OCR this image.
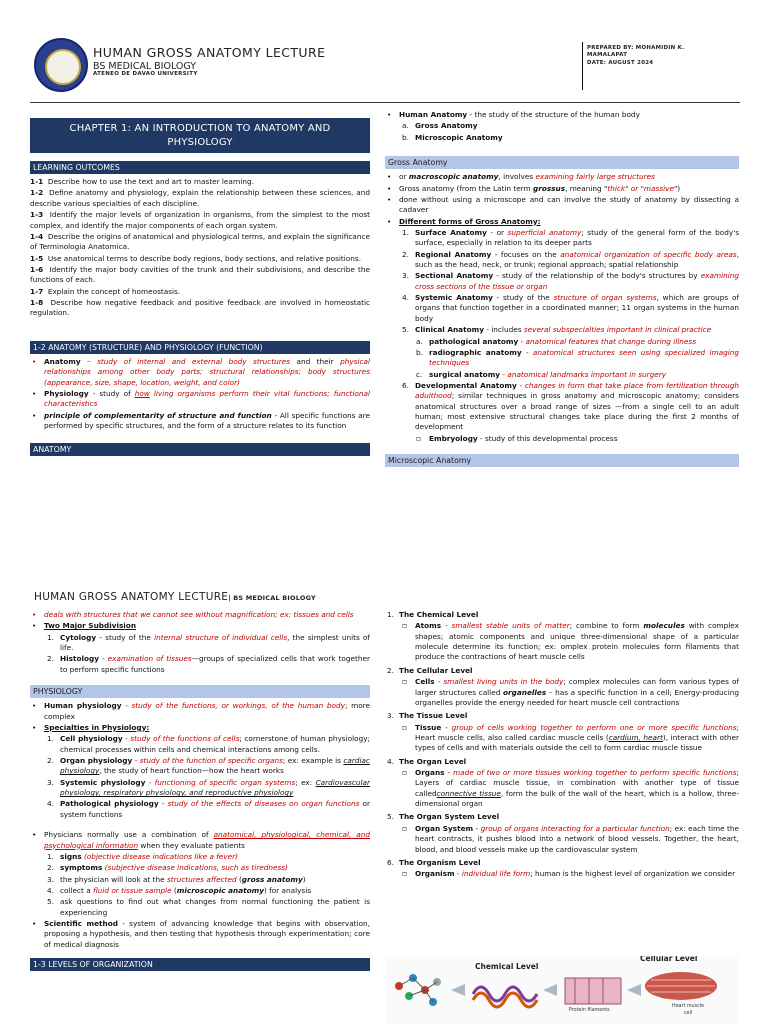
HUMAN GROSS ANATOMY LECTURE
BS MEDICAL BIOLOGY
ATENEO DE DAVAO UNIVERSITY
PREPARED BY: MOHAMIDIN K. MAMALAPAT
DATE: AUGUST 2024
CHAPTER 1: AN INTRODUCTION TO ANATOMY AND PHYSIOLOGY
LEARNING OUTCOMES
1-1 Describe how to use the text and art to master learning.
1-2 Define anatomy and physiology, explain the relationship between these sciences, and describe various specialties of each discipline.
1-3 Identify the major levels of organization in organisms, from the simplest to the most complex, and identify the major components of each organ system.
1-4 Describe the origins of anatomical and physiological terms, and explain the significance of Terminologia Anatomica.
1-5 Use anatomical terms to describe body regions, body sections, and relative positions.
1-6 Identify the major body cavities of the trunk and their subdivisions, and describe the functions of each.
1-7 Explain the concept of homeostasis.
1-8 Describe how negative feedback and positive feedback are involved in homeostatic regulation.
1-2 ANATOMY (STRUCTURE) AND PHYSIOLOGY (FUNCTION)
• Anatomy – study of internal and external body structures and their physical relationships among other body parts; structural relationships; body structures (appearance, size, shape, location, weight, and color)
• Physiology - study of how living organisms perform their vital functions; functional characteristics
• principle of complementarity of structure and function - All specific functions are performed by specific structures, and the form of a structure relates to its function
ANATOMY
• Human Anatomy - the study of the structure of the human body
a. Gross Anatomy
b. Microscopic Anatomy
Gross Anatomy
• or macroscopic anatomy, involves examining fairly large structures
• Gross anatomy (from the Latin term grossus, meaning "thick" or "massive")
• done without using a microscope and can involve the study of anatomy by dissecting a cadaver
• Different forms of Gross Anatomy:
1. Surface Anatomy - or superficial anatomy; study of the general form of the body's surface, especially in relation to its deeper parts
2. Regional Anatomy - focuses on the anatomical organization of specific body areas, such as the head, neck, or trunk; regional approach; spatial relationship
3. Sectional Anatomy - study of the relationship of the body's structures by examining cross sections of the tissue or organ
4. Systemic Anatomy - study of the structure of organ systems, which are groups of organs that function together in a coordinated manner; 11 organ systems in the human body
5. Clinical Anatomy - includes several subspecialties important in clinical practice
a. pathological anatomy - anatomical features that change during illness
b. radiographic anatomy - anatomical structures seen using specialized imaging techniques
c. surgical anatomy - anatomical landmarks important in surgery
6. Developmental Anatomy - changes in form that take place from fertilization through adulthood; similar techniques in gross anatomy and microscopic anatomy; considers anatomical structures over a broad range of sizes —from a single cell to an adult human; most extensive structural changes take place during the first 2 months of development
▫ Embryology - study of this developmental process
Microscopic Anatomy
HUMAN GROSS ANATOMY LECTURE| BS MEDICAL BIOLOGY
• deals with structures that we cannot see without magnification; ex: tissues and cells
• Two Major Subdivision
1. Cytology - study of the internal structure of individual cells, the simplest units of life.
2. Histology - examination of tissues—groups of specialized cells that work together to perform specific functions
PHYSIOLOGY
• Human physiology - study of the functions, or workings, of the human body; more complex
• Specialties in Physiology:
1. Cell physiology - study of the functions of cells; cornerstone of human physiology; chemical processes within cells and chemical interactions among cells.
2. Organ physiology - study of the function of specific organs; ex: example is cardiac physiology, the study of heart function—how the heart works
3. Systemic physiology - functioning of specific organ systems; ex: Cardiovascular physiology, respiratory physiology, and reproductive physiology
4. Pathological physiology - study of the effects of diseases on organ functions or system functions
• Physicians normally use a combination of anatomical, physiological, chemical, and psychological information when they evaluate patients
1. signs (objective disease indications like a fever)
2. symptoms (subjective disease indications, such as tiredness)
3. the physician will look at the structures affected (gross anatomy)
4. collect a fluid or tissue sample (microscopic anatomy) for analysis
5. ask questions to find out what changes from normal functioning the patient is experiencing
• Scientific method - system of advancing knowledge that begins with observation, proposing a hypothesis, and then testing that hypothesis through experimentation; core of medical diagnosis
1-3 LEVELS OF ORGANIZATION
1. The Chemical Level
▫ Atoms - smallest stable units of matter; combine to form molecules with complex shapes; atomic components and unique three-dimensional shape of a particular molecule determine its function; ex: omplex protein molecules form filaments that produce the contractions of heart muscle cells
2. The Cellular Level
▫ Cells - smallest living units in the body; complex molecules can form various types of larger structures called organelles – has a specific function in a cell; Energy-producing organelles provide the energy needed for heart muscle cell contractions
3. The Tissue Level
▫ Tissue - group of cells working together to perform one or more specific functions; Heart muscle cells, also called cardiac muscle cells (cardium, heart), interact with other types of cells and with materials outside the cell to form cardiac muscle tissue
4. The Organ Level
▫ Organs - made of two or more tissues working together to perform specific functions; Layers of cardiac muscle tissue, in combination with another type of tissue calledconnective tissue, form the bulk of the wall of the heart, which is a hollow, three-dimensional organ
5. The Organ System Level
▫ Organ System - group of organs interacting for a particular function; ex: each time the heart contracts, it pushes blood into a network of blood vessels. Together, the heart, blood, and blood vessels make up the cardiovascular system
6. The Organism Level
▫ Organism - individual life form; human is the highest level of organization we consider
Chemical Level
Cellular Level
Protein filaments
Heart muscle cell
